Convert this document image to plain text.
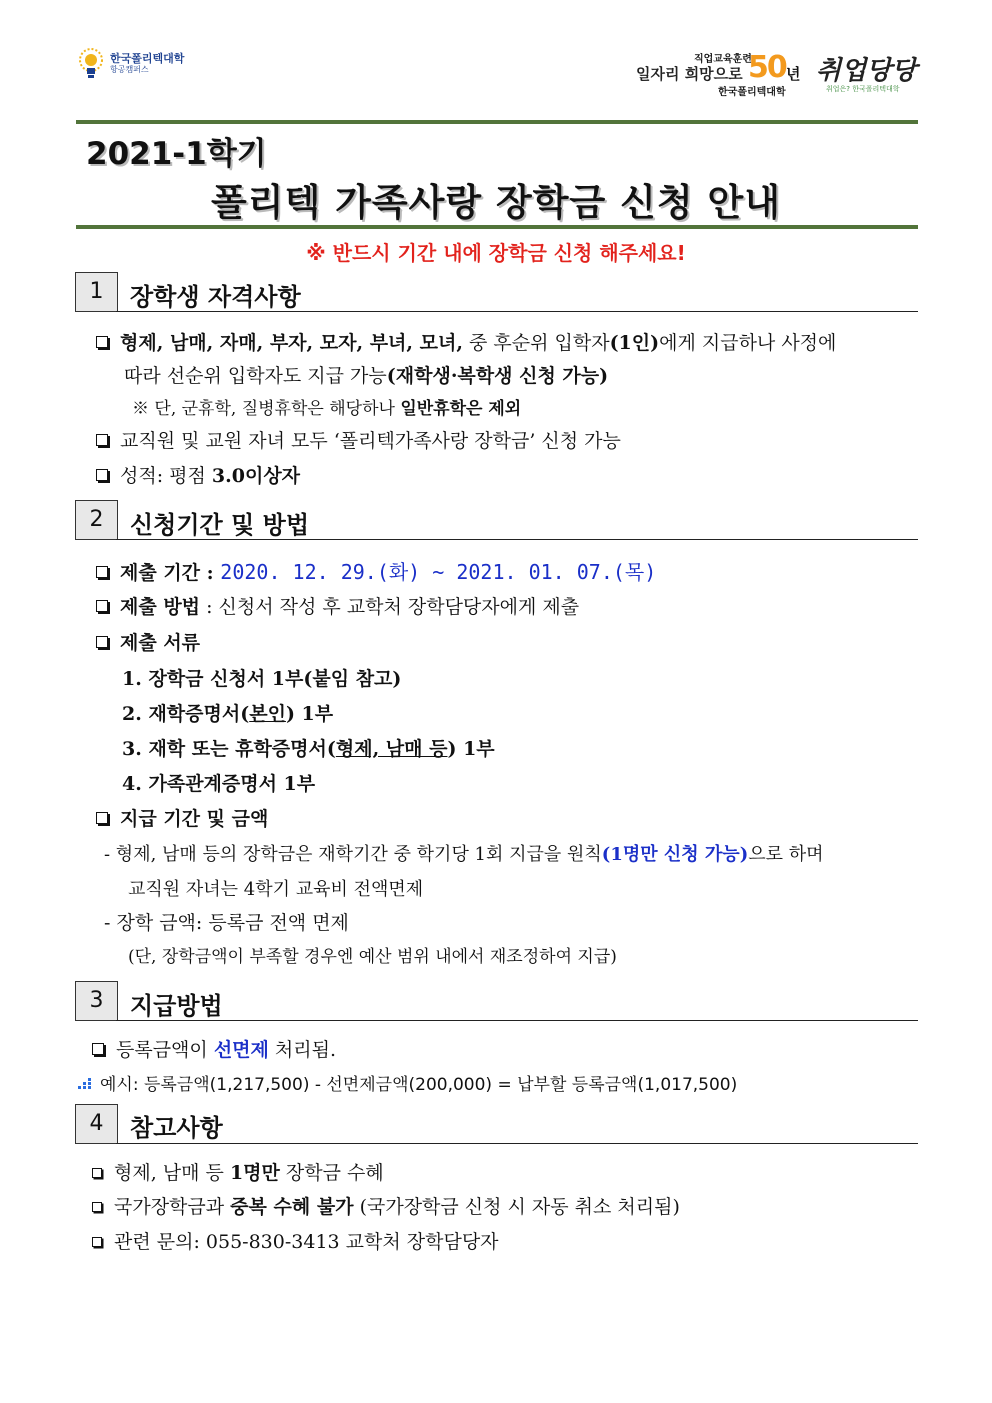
한국폴리텍대학
항공캠퍼스
직업교육훈련
일자리 희망으로 50 년
한국폴리텍대학
취업당당
취업은? 한국폴리텍대학
2021-1학기
폴리텍 가족사랑 장학금 신청 안내
※ 반드시 기간 내에 장학금 신청 해주세요!
1	장학생 자격사항
형제, 남매, 자매, 부자, 모자, 부녀, 모녀, 중 후순위 입학자(1인)에게 지급하나 사정에
따라 선순위 입학자도 지급 가능(재학생·복학생 신청 가능)
※ 단, 군휴학, 질병휴학은 해당하나 일반휴학은 제외
교직원 및 교원 자녀 모두 ‘폴리텍가족사랑 장학금’ 신청 가능
성적: 평점 3.0이상자
2	신청기간 및 방법
제출 기간 : 2020. 12. 29.(화) ~ 2021. 01. 07.(목)
제출 방법 : 신청서 작성 후 교학처 장학담당자에게 제출
제출 서류
1. 장학금 신청서 1부(붙임 참고)
2. 재학증명서(본인) 1부
3. 재학 또는 휴학증명서(형제, 남매 등) 1부
4. 가족관계증명서 1부
지급 기간 및 금액
- 형제, 남매 등의 장학금은 재학기간 중 학기당 1회 지급을 원칙(1명만 신청 가능)으로 하며
교직원 자녀는 4학기 교육비 전액면제
- 장학 금액: 등록금 전액 면제
(단, 장학금액이 부족할 경우엔 예산 범위 내에서 재조정하여 지급)
3	지급방법
등록금액이 선면제 처리됨.
예시: 등록금액(1,217,500) - 선면제금액(200,000) = 납부할 등록금액(1,017,500)
4	참고사항
형제, 남매 등 1명만 장학금 수혜
국가장학금과 중복 수혜 불가 (국가장학금 신청 시 자동 취소 처리됨)
관련 문의: 055-830-3413 교학처 장학담당자
